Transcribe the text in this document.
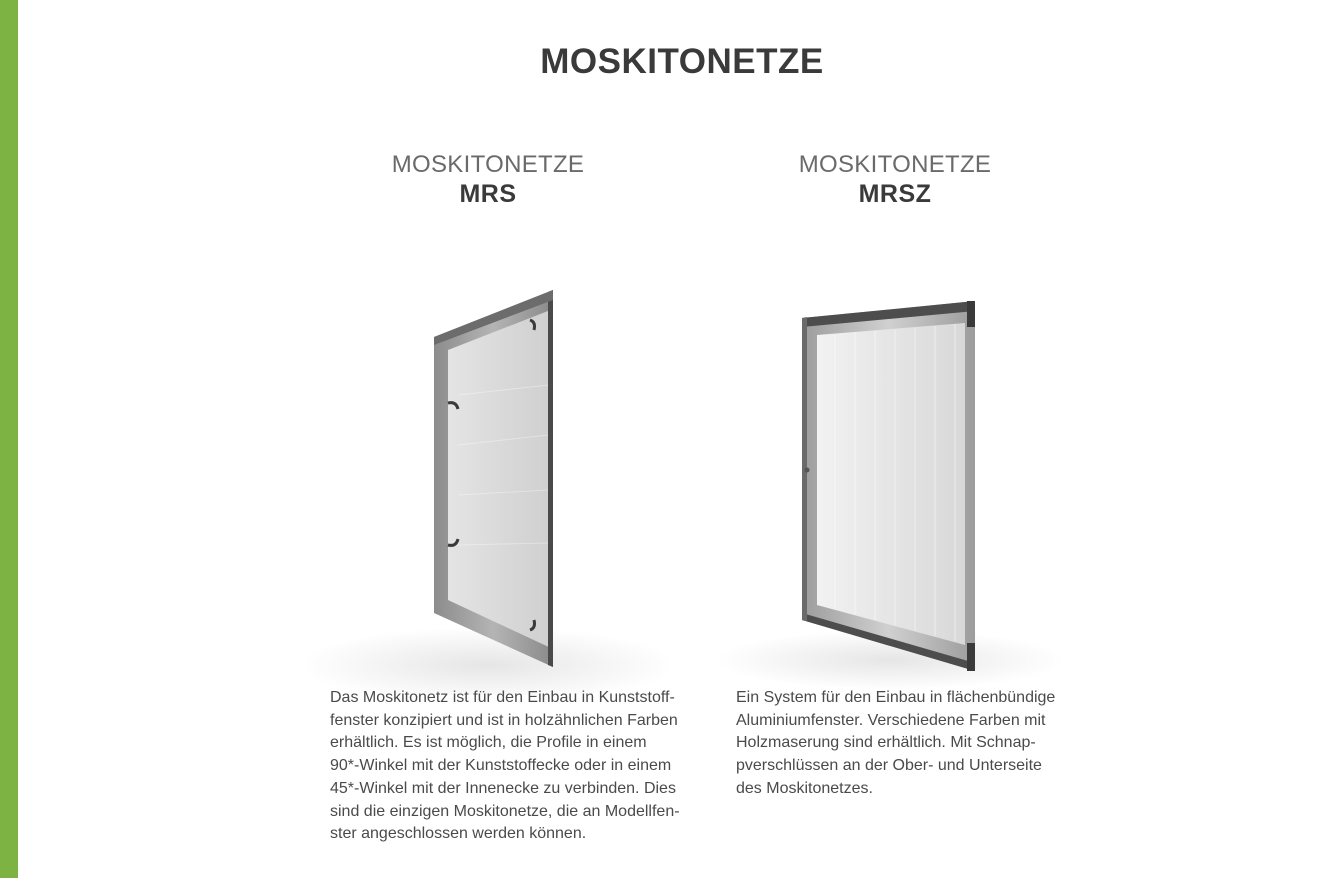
MOSKITONETZE
MOSKITONETZE
MRS

Das Moskitonetz ist für den Einbau in Kunststoff-
fenster konzipiert und ist in holzähnlichen Farben
erhältlich. Es ist möglich, die Profile in einem
90*-Winkel mit der Kunststoffecke oder in einem
45*-Winkel mit der Innenecke zu verbinden. Dies
sind die einzigen Moskitonetze, die an Modellfen-
ster angeschlossen werden können.

MOSKITONETZE
MRSZ

Ein System für den Einbau in flächenbündige
Aluminiumfenster. Verschiedene Farben mit
Holzmaserung sind erhältlich. Mit Schnap-
pverschlüssen an der Ober- und Unterseite
des Moskitonetzes.
